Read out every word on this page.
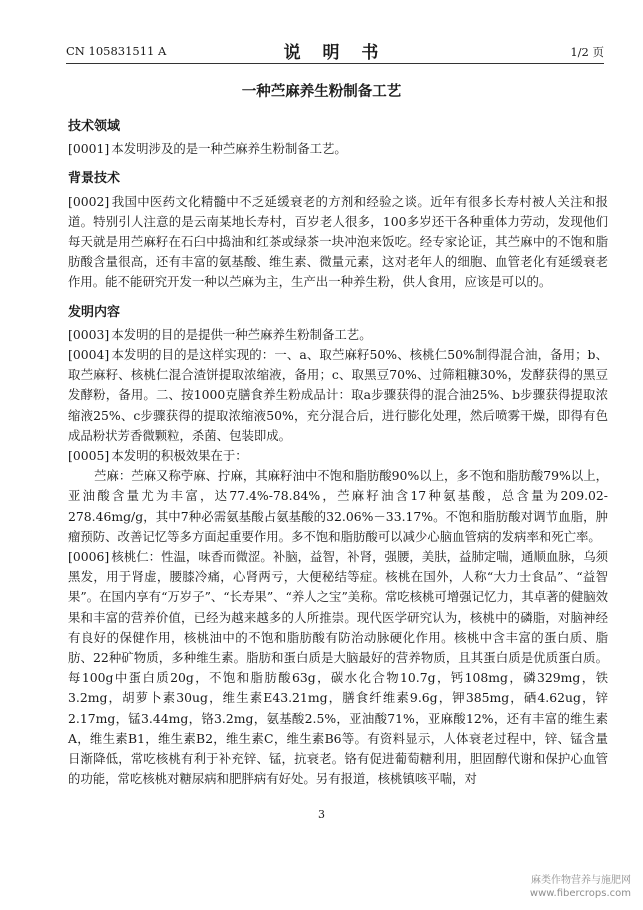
CN 105831511 A	说 明 书	1/2 页
一种苎麻养生粉制备工艺
技术领域

[0001] 本发明涉及的是一种苎麻养生粉制备工艺。

背景技术

[0002] 我国中医药文化精髓中不乏延缓衰老的方剂和经验之谈。近年有很多长寿村被人关注和报道。特别引人注意的是云南某地长寿村，百岁老人很多，100多岁还干各种重体力劳动，发现他们每天就是用苎麻籽在石臼中捣油和红茶或绿茶一块冲泡来饭吃。经专家论证，其苎麻中的不饱和脂肪酸含量很高，还有丰富的氨基酸、维生素、微量元素，这对老年人的细胞、血管老化有延缓衰老作用。能不能研究开发一种以苎麻为主，生产出一种养生粉，供人食用，应该是可以的。

发明内容

[0003] 本发明的目的是提供一种苎麻养生粉制备工艺。

[0004] 本发明的目的是这样实现的：一、a、取苎麻籽50%、核桃仁50%制得混合油，备用；b、取苎麻籽、核桃仁混合渣饼提取浓缩液，备用；c、取黑豆70%、过筛粗糠30%，发酵获得的黑豆发酵粉，备用。二、按1000克膳食养生粉成品计：取a步骤获得的混合油25%、b步骤获得提取浓缩液25%、c步骤获得的提取浓缩液50%，充分混合后，进行膨化处理，然后喷雾干燥，即得有色成品粉状芳香微颗粒，杀菌、包装即成。

[0005] 本发明的积极效果在于：

苎麻：苎麻又称苧麻、拧麻，其麻籽油中不饱和脂肪酸90%以上，多不饱和脂肪酸79%以上，亚油酸含量尤为丰富，达77.4%-78.84%，苎麻籽油含17种氨基酸，总含量为209.02-278.46mg/g，其中7种必需氨基酸占氨基酸的32.06%－33.17%。不饱和脂肪酸对调节血脂，肿瘤预防、改善记忆等多方面起重要作用。多不饱和脂肪酸可以减少心脑血管病的发病率和死亡率。

[0006] 核桃仁：性温，味香而微涩。补脑，益智，补肾，强腰，美肤，益肺定喘，通顺血脉，乌须黑发，用于肾虚，腰膝冷痛，心肾两亏，大便秘结等症。核桃在国外，人称“大力士食品”、“益智果”。在国内享有“万岁子”、“长寿果”、“养人之宝”美称。常吃核桃可增强记忆力，其卓著的健脑效果和丰富的营养价值，已经为越来越多的人所推崇。现代医学研究认为，核桃中的磷脂，对脑神经有良好的保健作用，核桃油中的不饱和脂肪酸有防治动脉硬化作用。核桃中含丰富的蛋白质、脂肪、22种矿物质，多种维生素。脂肪和蛋白质是大脑最好的营养物质，且其蛋白质是优质蛋白质。每100g中蛋白质20g，不饱和脂肪酸63g，碳水化合物10.7g，钙108mg，磷329mg，铁3.2mg，胡萝卜素30ug，维生素E43.21mg，膳食纤维素9.6g，钾385mg，硒4.62ug，锌2.17mg，锰3.44mg，铬3.2mg，氨基酸2.5%，亚油酸71%，亚麻酸12%，还有丰富的维生素A，维生素B1，维生素B2，维生素C，维生素B6等。有资料显示，人体衰老过程中，锌、锰含量日渐降低，常吃核桃有利于补充锌、锰，抗衰老。铬有促进葡萄糖利用，胆固醇代谢和保护心血管的功能，常吃核桃对糖尿病和肥胖病有好处。另有报道，核桃镇咳平喘，对

3
麻类作物营养与施肥网
www.fibercrops.com
